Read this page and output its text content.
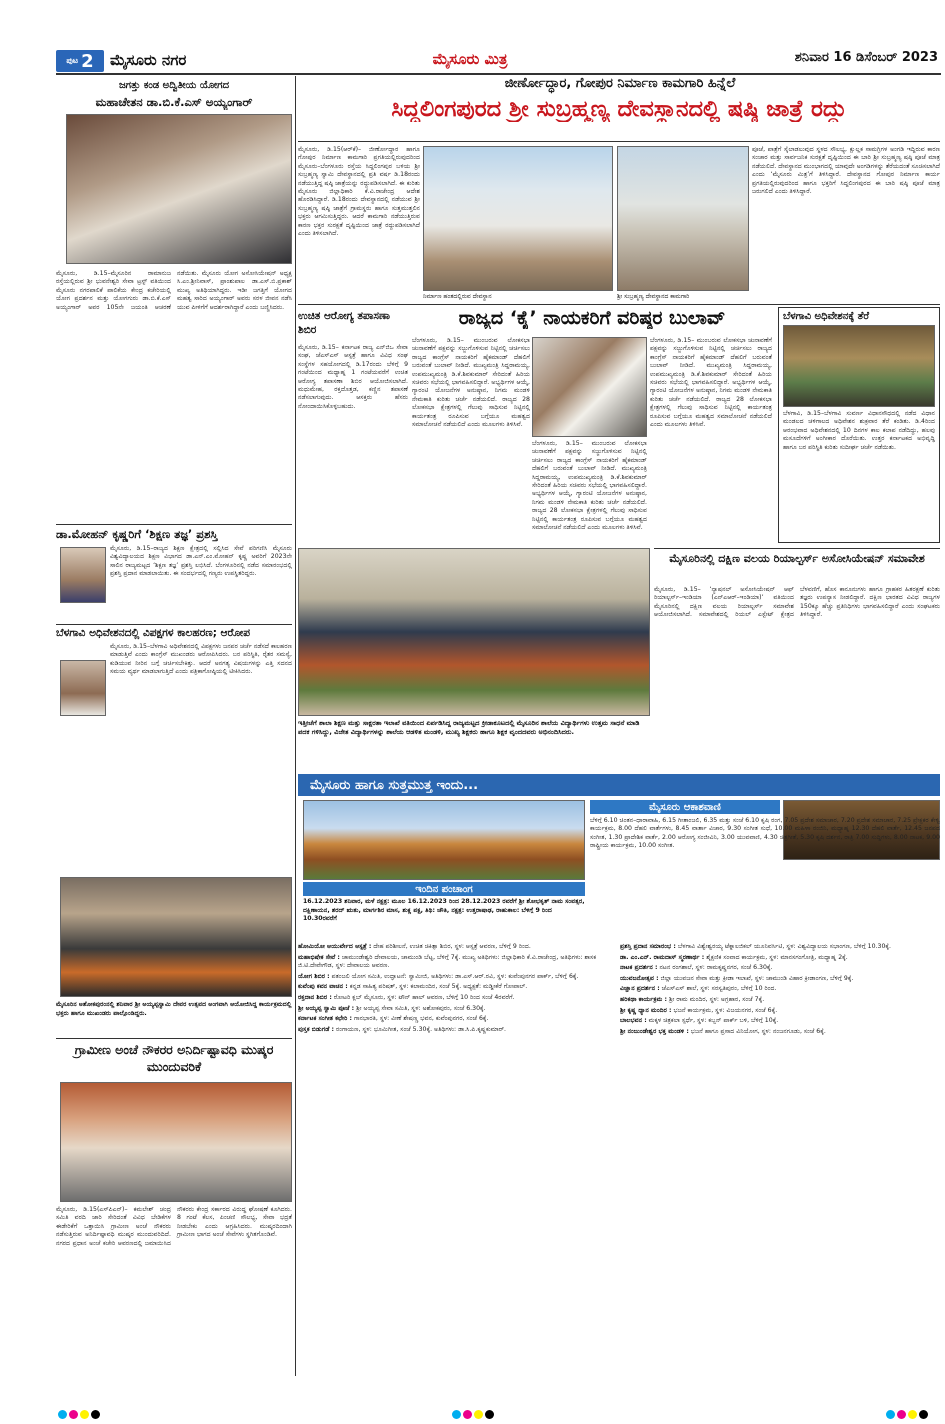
ಮೈಸೂರು ಮಿತ್ರ	ಶನಿವಾರ 16 ಡಿಸೆಂಬರ್ 2023
ಪುಟ 2 ಮೈಸೂರು ನಗರ
ಜೀರ್ಣೋದ್ಧಾರ, ಗೋಪುರ ನಿರ್ಮಾಣ ಕಾಮಗಾರಿ ಹಿನ್ನೆಲೆ
ಸಿದ್ದಲಿಂಗಪುರದ ಶ್ರೀ ಸುಬ್ರಹ್ಮಣ್ಯ ದೇವಸ್ಥಾನದಲ್ಲಿ ಷಷ್ಠಿ ಜಾತ್ರೆ ರದ್ದು
ಮೈಸೂರು, ಡಿ.15(ಆರ್‌ಕೆ)– ಜೀರ್ಣೋದ್ಧಾರ ಹಾಗೂ ಗೋಪುರ ನಿರ್ಮಾಣ ಕಾಮಗಾರಿ ಪ್ರಗತಿಯಲ್ಲಿರುವುದರಿಂದ ಮೈಸೂರು–ಬೆಂಗಳೂರು ರಸ್ತೆಯ ಸಿದ್ದಲಿಂಗಪುರ ಬಳಿಯ ಶ್ರೀ ಸುಬ್ರಹ್ಮಣ್ಯ ಸ್ವಾಮಿ ದೇವಸ್ಥಾನದಲ್ಲಿ ಪ್ರತಿ ವರ್ಷ ಡಿ.18ರಂದು ನಡೆಯುತ್ತಿದ್ದ ಷಷ್ಠಿ ಜಾತ್ರೆಯನ್ನು ರದ್ದುಪಡಿಸಲಾಗಿದೆ. ಈ ಕುರಿತು ಮೈಸೂರು ಜಿಲ್ಲಾಧಿಕಾರಿ ಕೆ.ವಿ.ರಾಜೇಂದ್ರ ಆದೇಶ ಹೊರಡಿಸಿದ್ದಾರೆ. ಡಿ.18ರಂದು ದೇವಸ್ಥಾನದಲ್ಲಿ ನಡೆಯುವ ಶ್ರೀ ಸುಬ್ರಹ್ಮಣ್ಯ ಷಷ್ಠಿ ಜಾತ್ರೆಗೆ ಗ್ರಾಮಸ್ಥರು ಹಾಗೂ ಸುತ್ತಮುತ್ತಲಿನ ಭಕ್ತರು ಆಗಮಿಸುತ್ತಿದ್ದರು. ಆದರೆ ಕಾಮಗಾರಿ ನಡೆಯುತ್ತಿರುವ ಕಾರಣ ಭಕ್ತರ ಸುರಕ್ಷತೆ ದೃಷ್ಟಿಯಿಂದ ಜಾತ್ರೆ ರದ್ದುಪಡಿಸಲಾಗಿದೆ ಎಂದು ತಿಳಿಸಲಾಗಿದೆ.
ನಿರ್ಮಾಣ ಹಂತದಲ್ಲಿರುವ ದೇವಸ್ಥಾನ	ಶ್ರೀ ಸುಬ್ರಹ್ಮಣ್ಯ ದೇವಸ್ಥಾನದ ಕಾಮಗಾರಿ
ಪೂಜೆ, ಪಾತ್ರೆಗೆ ಸೈಲಾಡಲುವುದ ಸ್ಥಳದ ಸೌಲಭ್ಯ, ಕ್ಷುಲ್ಲಕ ಸಾಮಗ್ರಿಗಳ ಅಂಗಡಿ ಇದ್ದಿರುವ ಕಾರಣ ಸಂಚಾರ ಮತ್ತು ಸಾರ್ವಜನಿಕ ಸುರಕ್ಷತೆ ದೃಷ್ಟಿಯಿಂದ ಈ ಬಾರಿ ಶ್ರೀ ಸುಬ್ರಹ್ಮಣ್ಯ ಷಷ್ಠಿ ಪೂಜೆ ಮಾತ್ರ ನಡೆಯಲಿದೆ. ದೇವಸ್ಥಾನದ ಮುಂಭಾಗದಲ್ಲಿ ಯಾವುದೇ ಅಂಗಡಿಗಳನ್ನು ತೆರೆಯದಂತೆ ಸೂಚಿಸಲಾಗಿದೆ ಎಂದು ‘ಮೈಸೂರು ಮಿತ್ರ’ಗೆ ತಿಳಿಸಿದ್ದಾರೆ. ದೇವಸ್ಥಾನದ ಗೋಪುರ ನಿರ್ಮಾಣ ಕಾರ್ಯ ಪ್ರಗತಿಯಲ್ಲಿರುವುದರಿಂದ ಹಾಗೂ ಭಕ್ತರಿಗೆ ಸಿದ್ದಲಿಂಗಪುರದ ಈ ಬಾರಿ ಷಷ್ಠಿ ಪೂಜೆ ಮಾತ್ರ ಜರುಗಲಿದೆ ಎಂದು ತಿಳಿಸಿದ್ದಾರೆ.
ಜಗತ್ತು ಕಂಡ ಅದ್ವಿತೀಯ ಯೋಗದ
ಮಹಾಚೇತನ ಡಾ.ಬಿ.ಕೆ.ಎಸ್ ಅಯ್ಯಂಗಾರ್
ಮೈಸೂರು, ಡಿ.15–ಮೈಸೂರಿನ ರಾಮಾನುಜ ರಸ್ತೆಯಲ್ಲಿರುವ ಶ್ರೀ ಭುವನೇಶ್ವರಿ ಸೇವಾ ಟ್ರಸ್ಟ್ ವತಿಯಿಂದ ಮೈಸೂರು ನಗರಪಾಲಿಕೆ ಪಾಲಿಕೆಯ ಕೇಂದ್ರ ಕಚೇರಿಯಲ್ಲಿ ಯೋಗ ಪ್ರದರ್ಶನ ಮತ್ತು ಯೋಗಗುರು ಡಾ.ಬಿ.ಕೆ.ಎಸ್ ಅಯ್ಯಂಗಾರ್ ಅವರ 105ನೇ ಜಯಂತಿ ಆಚರಣೆ ನಡೆಯಿತು. ಮೈಸೂರು ಯೋಗ ಅಸೋಸಿಯೇಷನ್ ಅಧ್ಯಕ್ಷ ಸಿ.ಎಂ.ಶ್ರೀನಿವಾಸ್, ಪ್ರಾಂಶುಪಾಲ ಡಾ.ಎಸ್.ಬಿ.ಪ್ರಕಾಶ್ ಮುಖ್ಯ ಅತಿಥಿಯಾಗಿದ್ದರು. ಇಡೀ ಜಗತ್ತಿಗೆ ಯೋಗದ ಮಹತ್ವ ಸಾರಿದ ಅಯ್ಯಂಗಾರ್ ಅವರು ಸರಳ ಜೀವನ ನಡೆಸಿ ಯುವ ಪೀಳಿಗೆಗೆ ಆದರ್ಶರಾಗಿದ್ದಾರೆ ಎಂದು ಬಣ್ಣಿಸಿದರು.
ಡಾ.ಮೋಹನ್ ಕೃಷ್ಣರಿಗೆ ‘ಶಿಕ್ಷಣ ತಜ್ಞ’ ಪ್ರಶಸ್ತಿ
ಮೈಸೂರು, ಡಿ.15–ರಾಜ್ಯದ ಶಿಕ್ಷಣ ಕ್ಷೇತ್ರದಲ್ಲಿ ಸಲ್ಲಿಸಿದ ಸೇವೆ ಪರಿಗಣಿಸಿ ಮೈಸೂರು ವಿಶ್ವವಿದ್ಯಾಲಯದ ಶಿಕ್ಷಣ ವಿಭಾಗದ ಡಾ.ಎನ್.ಎಂ.ಮೋಹನ್ ಕೃಷ್ಣ ಅವರಿಗೆ 2023ನೇ ಸಾಲಿನ ರಾಜ್ಯಮಟ್ಟದ ‘ಶಿಕ್ಷಣ ತಜ್ಞ’ ಪ್ರಶಸ್ತಿ ಲಭಿಸಿದೆ. ಬೆಂಗಳೂರಿನಲ್ಲಿ ನಡೆದ ಸಮಾರಂಭದಲ್ಲಿ ಪ್ರಶಸ್ತಿ ಪ್ರದಾನ ಮಾಡಲಾಯಿತು. ಈ ಸಂದರ್ಭದಲ್ಲಿ ಗಣ್ಯರು ಉಪಸ್ಥಿತರಿದ್ದರು.
ಬೆಳಗಾವಿ ಅಧಿವೇಶನದಲ್ಲಿ ವಿಪಕ್ಷಗಳ ಕಾಲಹರಣ; ಆರೋಪ
ಮೈಸೂರು, ಡಿ.15–ಬೆಳಗಾವಿ ಅಧಿವೇಶನದಲ್ಲಿ ವಿಪಕ್ಷಗಳು ಜನಪರ ಚರ್ಚೆ ನಡೆಸದೆ ಕಾಲಹರಣ ಮಾಡುತ್ತಿವೆ ಎಂದು ಕಾಂಗ್ರೆಸ್ ಮುಖಂಡರು ಆರೋಪಿಸಿದರು. ಬರ ಪರಿಸ್ಥಿತಿ, ರೈತರ ಸಮಸ್ಯೆ, ಕುಡಿಯುವ ನೀರಿನ ಬಗ್ಗೆ ಚರ್ಚಿಸಬೇಕಿತ್ತು. ಆದರೆ ಅನಗತ್ಯ ವಿಷಯಗಳನ್ನು ಎತ್ತಿ ಸದನದ ಸಮಯ ವ್ಯರ್ಥ ಮಾಡಲಾಗುತ್ತಿದೆ ಎಂದು ಪತ್ರಿಕಾಗೋಷ್ಠಿಯಲ್ಲಿ ಟೀಕಿಸಿದರು.
ಮೈಸೂರಿನ ಅಶೋಕಪುರಂನಲ್ಲಿ ಶನಿವಾರ ಶ್ರೀ ಅಯ್ಯಪ್ಪಸ್ವಾಮಿ ದೇವರ ಉತ್ಸವದ ಅಂಗವಾಗಿ ಆಯೋಜಿಸಿದ್ದ ಕಾರ್ಯಕ್ರಮದಲ್ಲಿ ಭಕ್ತರು ಹಾಗೂ ಮುಖಂಡರು ಪಾಲ್ಗೊಂಡಿದ್ದರು.
ಗ್ರಾಮೀಣ ಅಂಚೆ ನೌಕರರ ಅನಿರ್ದಿಷ್ಟಾವಧಿ ಮುಷ್ಕರ ಮುಂದುವರಿಕೆ
ಮೈಸೂರು, ಡಿ.15(ಎಸ್‌ಪಿಎನ್)– ಕಮಲೇಶ್ ಚಂದ್ರ ಸಮಿತಿ ವರದಿ ಜಾರಿ ಸೇರಿದಂತೆ ವಿವಿಧ ಬೇಡಿಕೆಗಳ ಈಡೇರಿಕೆಗೆ ಒತ್ತಾಯಿಸಿ ಗ್ರಾಮೀಣ ಅಂಚೆ ನೌಕರರು ನಡೆಸುತ್ತಿರುವ ಅನಿರ್ದಿಷ್ಟಾವಧಿ ಮುಷ್ಕರ ಮುಂದುವರಿದಿದೆ. ನಗರದ ಪ್ರಧಾನ ಅಂಚೆ ಕಚೇರಿ ಆವರಣದಲ್ಲಿ ಜಮಾಯಿಸಿದ ನೌಕರರು ಕೇಂದ್ರ ಸರ್ಕಾರದ ವಿರುದ್ಧ ಘೋಷಣೆ ಕೂಗಿದರು. 8 ಗಂಟೆ ಕೆಲಸ, ಪಿಂಚಣಿ ಸೌಲಭ್ಯ, ಸೇವಾ ಭದ್ರತೆ ನೀಡಬೇಕು ಎಂದು ಆಗ್ರಹಿಸಿದರು. ಮುಷ್ಕರದಿಂದಾಗಿ ಗ್ರಾಮೀಣ ಭಾಗದ ಅಂಚೆ ಸೇವೆಗಳು ಸ್ಥಗಿತಗೊಂಡಿವೆ.
ಉಚಿತ ಆರೋಗ್ಯ ತಪಾಸಣಾ ಶಿಬಿರ
ಮೈಸೂರು, ಡಿ.15– ಕರ್ನಾಟಕ ರಾಜ್ಯ ಎನ್‌ಜಿಒ ಸೇವಾ ಸಂಘ, ಜೆಎಸ್‌ಎಸ್ ಆಸ್ಪತ್ರೆ ಹಾಗೂ ವಿವಿಧ ಸಂಘ ಸಂಸ್ಥೆಗಳ ಸಹಯೋಗದಲ್ಲಿ ಡಿ.17ರಂದು ಬೆಳಿಗ್ಗೆ 9 ಗಂಟೆಯಿಂದ ಮಧ್ಯಾಹ್ನ 1 ಗಂಟೆಯವರೆಗೆ ಉಚಿತ ಆರೋಗ್ಯ ತಪಾಸಣಾ ಶಿಬಿರ ಆಯೋಜಿಸಲಾಗಿದೆ. ಮಧುಮೇಹ, ರಕ್ತದೊತ್ತಡ, ಕಣ್ಣಿನ ತಪಾಸಣೆ ನಡೆಸಲಾಗುವುದು. ಆಸಕ್ತರು ಹೆಸರು ನೋಂದಾಯಿಸಿಕೊಳ್ಳಬಹುದು.
ರಾಜ್ಯದ ‘ಕೈ’ ನಾಯಕರಿಗೆ ವರಿಷ್ಠರ ಬುಲಾವ್
ಬೆಂಗಳೂರು, ಡಿ.15– ಮುಂಬರುವ ಲೋಕಸಭಾ ಚುನಾವಣೆಗೆ ಪಕ್ಷವನ್ನು ಸಜ್ಜುಗೊಳಿಸುವ ನಿಟ್ಟಿನಲ್ಲಿ ಚರ್ಚಿಸಲು ರಾಜ್ಯದ ಕಾಂಗ್ರೆಸ್ ನಾಯಕರಿಗೆ ಹೈಕಮಾಂಡ್ ದೆಹಲಿಗೆ ಬರುವಂತೆ ಬುಲಾವ್ ನೀಡಿದೆ. ಮುಖ್ಯಮಂತ್ರಿ ಸಿದ್ದರಾಮಯ್ಯ, ಉಪಮುಖ್ಯಮಂತ್ರಿ ಡಿ.ಕೆ.ಶಿವಕುಮಾರ್ ಸೇರಿದಂತೆ ಹಿರಿಯ ಸಚಿವರು ಸಭೆಯಲ್ಲಿ ಭಾಗವಹಿಸಲಿದ್ದಾರೆ. ಅಭ್ಯರ್ಥಿಗಳ ಆಯ್ಕೆ, ಗ್ಯಾರಂಟಿ ಯೋಜನೆಗಳ ಅನುಷ್ಠಾನ, ನಿಗಮ ಮಂಡಳಿ ನೇಮಕಾತಿ ಕುರಿತು ಚರ್ಚೆ ನಡೆಯಲಿದೆ. ರಾಜ್ಯದ 28 ಲೋಕಸಭಾ ಕ್ಷೇತ್ರಗಳಲ್ಲಿ ಗೆಲುವು ಸಾಧಿಸುವ ನಿಟ್ಟಿನಲ್ಲಿ ಕಾರ್ಯತಂತ್ರ ರೂಪಿಸುವ ಬಗ್ಗೆಯೂ ಮಹತ್ವದ ಸಮಾಲೋಚನೆ ನಡೆಯಲಿದೆ ಎಂದು ಮೂಲಗಳು ತಿಳಿಸಿವೆ.
ಬೆಂಗಳೂರು, ಡಿ.15– ಮುಂಬರುವ ಲೋಕಸಭಾ ಚುನಾವಣೆಗೆ ಪಕ್ಷವನ್ನು ಸಜ್ಜುಗೊಳಿಸುವ ನಿಟ್ಟಿನಲ್ಲಿ ಚರ್ಚಿಸಲು ರಾಜ್ಯದ ಕಾಂಗ್ರೆಸ್ ನಾಯಕರಿಗೆ ಹೈಕಮಾಂಡ್ ದೆಹಲಿಗೆ ಬರುವಂತೆ ಬುಲಾವ್ ನೀಡಿದೆ. ಮುಖ್ಯಮಂತ್ರಿ ಸಿದ್ದರಾಮಯ್ಯ, ಉಪಮುಖ್ಯಮಂತ್ರಿ ಡಿ.ಕೆ.ಶಿವಕುಮಾರ್ ಸೇರಿದಂತೆ ಹಿರಿಯ ಸಚಿವರು ಸಭೆಯಲ್ಲಿ ಭಾಗವಹಿಸಲಿದ್ದಾರೆ. ಅಭ್ಯರ್ಥಿಗಳ ಆಯ್ಕೆ, ಗ್ಯಾರಂಟಿ ಯೋಜನೆಗಳ ಅನುಷ್ಠಾನ, ನಿಗಮ ಮಂಡಳಿ ನೇಮಕಾತಿ ಕುರಿತು ಚರ್ಚೆ ನಡೆಯಲಿದೆ. ರಾಜ್ಯದ 28 ಲೋಕಸಭಾ ಕ್ಷೇತ್ರಗಳಲ್ಲಿ ಗೆಲುವು ಸಾಧಿಸುವ ನಿಟ್ಟಿನಲ್ಲಿ ಕಾರ್ಯತಂತ್ರ ರೂಪಿಸುವ ಬಗ್ಗೆಯೂ ಮಹತ್ವದ ಸಮಾಲೋಚನೆ ನಡೆಯಲಿದೆ ಎಂದು ಮೂಲಗಳು ತಿಳಿಸಿವೆ.
ಬೆಂಗಳೂರು, ಡಿ.15– ಮುಂಬರುವ ಲೋಕಸಭಾ ಚುನಾವಣೆಗೆ ಪಕ್ಷವನ್ನು ಸಜ್ಜುಗೊಳಿಸುವ ನಿಟ್ಟಿನಲ್ಲಿ ಚರ್ಚಿಸಲು ರಾಜ್ಯದ ಕಾಂಗ್ರೆಸ್ ನಾಯಕರಿಗೆ ಹೈಕಮಾಂಡ್ ದೆಹಲಿಗೆ ಬರುವಂತೆ ಬುಲಾವ್ ನೀಡಿದೆ. ಮುಖ್ಯಮಂತ್ರಿ ಸಿದ್ದರಾಮಯ್ಯ, ಉಪಮುಖ್ಯಮಂತ್ರಿ ಡಿ.ಕೆ.ಶಿವಕುಮಾರ್ ಸೇರಿದಂತೆ ಹಿರಿಯ ಸಚಿವರು ಸಭೆಯಲ್ಲಿ ಭಾಗವಹಿಸಲಿದ್ದಾರೆ. ಅಭ್ಯರ್ಥಿಗಳ ಆಯ್ಕೆ, ಗ್ಯಾರಂಟಿ ಯೋಜನೆಗಳ ಅನುಷ್ಠಾನ, ನಿಗಮ ಮಂಡಳಿ ನೇಮಕಾತಿ ಕುರಿತು ಚರ್ಚೆ ನಡೆಯಲಿದೆ. ರಾಜ್ಯದ 28 ಲೋಕಸಭಾ ಕ್ಷೇತ್ರಗಳಲ್ಲಿ ಗೆಲುವು ಸಾಧಿಸುವ ನಿಟ್ಟಿನಲ್ಲಿ ಕಾರ್ಯತಂತ್ರ ರೂಪಿಸುವ ಬಗ್ಗೆಯೂ ಮಹತ್ವದ ಸಮಾಲೋಚನೆ ನಡೆಯಲಿದೆ ಎಂದು ಮೂಲಗಳು ತಿಳಿಸಿವೆ.
ಬೆಳಗಾವಿ ಅಧಿವೇಶನಕ್ಕೆ ತೆರೆ
ಬೆಳಗಾವಿ, ಡಿ.15–ಬೆಳಗಾವಿ ಸುವರ್ಣ ವಿಧಾನಸೌಧದಲ್ಲಿ ನಡೆದ ವಿಧಾನ ಮಂಡಲದ ಚಳಿಗಾಲದ ಅಧಿವೇಶನ ಶುಕ್ರವಾರ ತೆರೆ ಕಂಡಿತು. ಡಿ.4ರಿಂದ ಆರಂಭವಾದ ಅಧಿವೇಶನದಲ್ಲಿ 10 ದಿನಗಳ ಕಾಲ ಕಲಾಪ ನಡೆದಿದ್ದು, ಹಲವು ಮಸೂದೆಗಳಿಗೆ ಅಂಗೀಕಾರ ದೊರೆಯಿತು. ಉತ್ತರ ಕರ್ನಾಟಕದ ಅಭಿವೃದ್ಧಿ ಹಾಗೂ ಬರ ಪರಿಸ್ಥಿತಿ ಕುರಿತು ಸುದೀರ್ಘ ಚರ್ಚೆ ನಡೆಯಿತು.
ಇತ್ತೀಚೆಗೆ ಶಾಲಾ ಶಿಕ್ಷಣ ಮತ್ತು ಸಾಕ್ಷರತಾ ಇಲಾಖೆ ವತಿಯಿಂದ ಏರ್ಪಡಿಸಿದ್ದ ರಾಜ್ಯಮಟ್ಟದ ಕ್ರೀಡಾಕೂಟದಲ್ಲಿ ಮೈಸೂರಿನ ಶಾಲೆಯ ವಿದ್ಯಾರ್ಥಿಗಳು ಉತ್ತಮ ಸಾಧನೆ ಮಾಡಿ ಪದಕ ಗಳಿಸಿದ್ದು, ವಿಜೇತ ವಿದ್ಯಾರ್ಥಿಗಳನ್ನು ಶಾಲೆಯ ಆಡಳಿತ ಮಂಡಳಿ, ಮುಖ್ಯ ಶಿಕ್ಷಕರು ಹಾಗೂ ಶಿಕ್ಷಕ ವೃಂದದವರು ಅಭಿನಂದಿಸಿದರು.
ಮೈಸೂರಿನಲ್ಲಿ ದಕ್ಷಿಣ ವಲಯ ರಿಯಾಲ್ಟರ್ಸ್ ಅಸೋಸಿಯೇಷನ್ ಸಮಾವೇಶ
ಮೈಸೂರು, ಡಿ.15– ‘ನ್ಯಾಷನಲ್ ಅಸೋಸಿಯೇಷನ್ ಆಫ್ ರಿಯಾಲ್ಟರ್ಸ್–ಇಂಡಿಯಾ (ಎನ್‌ಎಆರ್–ಇಂಡಿಯಾ)’ ವತಿಯಿಂದ ಮೈಸೂರಿನಲ್ಲಿ ದಕ್ಷಿಣ ವಲಯ ರಿಯಾಲ್ಟರ್ಸ್ ಸಮಾವೇಶ ಆಯೋಜಿಸಲಾಗಿದೆ. ಸಮಾವೇಶದಲ್ಲಿ ರಿಯಲ್ ಎಸ್ಟೇಟ್ ಕ್ಷೇತ್ರದ ಬೆಳವಣಿಗೆ, ಹೊಸ ಕಾನೂನುಗಳು ಹಾಗೂ ಗ್ರಾಹಕರ ಹಿತರಕ್ಷಣೆ ಕುರಿತು ತಜ್ಞರು ಉಪನ್ಯಾಸ ನೀಡಲಿದ್ದಾರೆ. ದಕ್ಷಿಣ ಭಾರತದ ವಿವಿಧ ರಾಜ್ಯಗಳ 150ಕ್ಕೂ ಹೆಚ್ಚು ಪ್ರತಿನಿಧಿಗಳು ಭಾಗವಹಿಸಲಿದ್ದಾರೆ ಎಂದು ಸಂಘಟಕರು ತಿಳಿಸಿದ್ದಾರೆ.
ಮೈಸೂರು ಹಾಗೂ ಸುತ್ತಮುತ್ತ ಇಂದು...
ಇಂದಿನ ಪಂಚಾಂಗ
16.12.2023 ಶನಿವಾರ, ಮಳೆ ನಕ್ಷತ್ರ: ಮೂಲ 16.12.2023 ರಿಂದ 28.12.2023 ರವರೆಗೆ ಶ್ರೀ ಶೋಭಕೃತ್ ನಾಮ ಸಂವತ್ಸರ, ದಕ್ಷಿಣಾಯನ, ಶರದ್ ಋತು, ಮಾರ್ಗಶಿರ ಮಾಸ, ಶುಕ್ಲ ಪಕ್ಷ, ತಿಥಿ: ಚೌತಿ, ನಕ್ಷತ್ರ: ಉತ್ತರಾಷಾಢ, ರಾಹುಕಾಲ: ಬೆಳಿಗ್ಗೆ 9 ರಿಂದ 10.30ರವರೆಗೆ
ಮೈಸೂರು ಆಕಾಶವಾಣಿ
ಬೆಳಿಗ್ಗೆ 6.10 ಚಿಂತನ–ಧಾರಾವಾಹಿ, 6.15 ಗೀತಾಂಜಲಿ, 6.35 ಮತ್ತು ಸಂಜೆ 6.10 ಕೃಷಿ ರಂಗ, 7.05 ಪ್ರದೇಶ ಸಮಾಚಾರ, 7.20 ಪ್ರದೇಶ ಸಮಾಚಾರ, 7.25 ಪ್ರೇಕ್ಷಕರ ಕೇಳ್ವಿ ಕಾರ್ಯಕ್ರಮ, 8.00 ದೆಹಲಿ ವಾರ್ತೆಗಳು, 8.45 ವಾರ್ತಾ ವಿಚಾರ, 9.30 ಸಂಗೀತ ಸುಧೆ, 10.00 ಮಹಿಳಾ ರಂಜಿನಿ, ಮಧ್ಯಾಹ್ನ 12.30 ದೆಹಲಿ ವಾರ್ತೆ, 12.45 ಜನಪದ ಸಂಗೀತ, 1.30 ಪ್ರಾದೇಶಿಕ ವಾರ್ತೆ, 2.00 ಆರೋಗ್ಯ ಸಂಜೀವಿನಿ, 3.00 ಯುವವಾಣಿ, 4.30 ಚಿತ್ರಗೀತೆ, 5.30 ಕೃಷಿ ದರ್ಶನ, ರಾತ್ರಿ 7.00 ಸುದ್ದಿಗಳು, 8.00 ನಾಟಕ, 9.00 ರಾಷ್ಟ್ರೀಯ ಕಾರ್ಯಕ್ರಮ, 10.00 ಸಂಗೀತ.

ಹೋಮಿಯೋ ಆಯುರ್ವೇದ ಆಸ್ಪತ್ರೆ : ದೇಹ ಪರಿಶೀಲನೆ, ಉಚಿತ ಚಿಕಿತ್ಸಾ ಶಿಬಿರ, ಸ್ಥಳ: ಆಸ್ಪತ್ರೆ ಆವರಣ, ಬೆಳಿಗ್ಗೆ 9 ರಿಂದ.

ಮಹಾಭಿಷೇಕ ಸೇವೆ : ಚಾಮುಂಡೇಶ್ವರಿ ದೇವಾಲಯ, ಚಾಮುಂಡಿ ಬೆಟ್ಟ, ಬೆಳಿಗ್ಗೆ 7ಕ್ಕೆ. ಮುಖ್ಯ ಅತಿಥಿಗಳು: ಜಿಲ್ಲಾಧಿಕಾರಿ ಕೆ.ವಿ.ರಾಜೇಂದ್ರ, ಅತಿಥಿಗಳು: ಶಾಸಕ ಜಿ.ಟಿ.ದೇವೇಗೌಡ, ಸ್ಥಳ: ದೇವಾಲಯ ಆವರಣ.

ಯೋಗ ಶಿಬಿರ : ಪತಂಜಲಿ ಯೋಗ ಸಮಿತಿ, ಉದ್ಘಾಟನೆ: ಸ್ವಾಮೀಜಿ, ಅತಿಥಿಗಳು: ಡಾ.ಎಸ್.ಆರ್.ರವಿ, ಸ್ಥಳ: ಕುವೆಂಪುನಗರ ಪಾರ್ಕ್, ಬೆಳಿಗ್ಗೆ 6ಕ್ಕೆ.

ಕುವೆಂಪು ಕವನ ವಾಚನ : ಕನ್ನಡ ಸಾಹಿತ್ಯ ಪರಿಷತ್, ಸ್ಥಳ: ಕಲಾಮಂದಿರ, ಸಂಜೆ 5ಕ್ಕೆ. ಅಧ್ಯಕ್ಷತೆ: ಮಡ್ಡೀಕೆರೆ ಗೋಪಾಲ್.

ರಕ್ತದಾನ ಶಿಬಿರ : ರೋಟರಿ ಕ್ಲಬ್ ಮೈಸೂರು, ಸ್ಥಳ: ಟೌನ್ ಹಾಲ್ ಆವರಣ, ಬೆಳಿಗ್ಗೆ 10 ರಿಂದ ಸಂಜೆ 4ರವರೆಗೆ.

ಶ್ರೀ ಅಯ್ಯಪ್ಪ ಸ್ವಾಮಿ ಪೂಜೆ : ಶ್ರೀ ಅಯ್ಯಪ್ಪ ಸೇವಾ ಸಮಿತಿ, ಸ್ಥಳ: ಅಶೋಕಪುರಂ, ಸಂಜೆ 6.30ಕ್ಕೆ.

ಕರ್ನಾಟಕ ಸಂಗೀತ ಕಛೇರಿ : ಗಾನಭಾರತಿ, ಸ್ಥಳ: ವೀಣೆ ಶೇಷಣ್ಣ ಭವನ, ಕುವೆಂಪುನಗರ, ಸಂಜೆ 6ಕ್ಕೆ.

ಪುಸ್ತಕ ಬಿಡುಗಡೆ : ರಂಗಾಯಣ, ಸ್ಥಳ: ಭೂಮಿಗೀತ, ಸಂಜೆ 5.30ಕ್ಕೆ. ಅತಿಥಿಗಳು: ಡಾ.ಸಿ.ಪಿ.ಕೃಷ್ಣಕುಮಾರ್.

ಪ್ರಶಸ್ತಿ ಪ್ರದಾನ ಸಮಾರಂಭ : ಬೆಳಗಾವಿ ವಿಶ್ವೇಶ್ವರಯ್ಯ ಟೆಕ್ನಾಲಜಿಕಲ್ ಯೂನಿವರ್ಸಿಟಿ, ಸ್ಥಳ: ವಿಶ್ವವಿದ್ಯಾಲಯ ಸಭಾಂಗಣ, ಬೆಳಿಗ್ಗೆ 10.30ಕ್ಕೆ.

ಡಾ. ಎಂ.ಎನ್. ರಾಮದಾಸ್ ಸ್ಮರಣಾರ್ಥ : ಶೈಕ್ಷಣಿಕ ಸಂವಾದ ಕಾರ್ಯಕ್ರಮ, ಸ್ಥಳ: ಮಾನಸಗಂಗೋತ್ರಿ, ಮಧ್ಯಾಹ್ನ 2ಕ್ಕೆ.

ನಾಟಕ ಪ್ರದರ್ಶನ : ನಟನ ರಂಗಶಾಲೆ, ಸ್ಥಳ: ರಾಮಕೃಷ್ಣನಗರ, ಸಂಜೆ 6.30ಕ್ಕೆ.

ಯುವಜನೋತ್ಸವ : ಜಿಲ್ಲಾ ಯುವಜನ ಸೇವಾ ಮತ್ತು ಕ್ರೀಡಾ ಇಲಾಖೆ, ಸ್ಥಳ: ಚಾಮುಂಡಿ ವಿಹಾರ ಕ್ರೀಡಾಂಗಣ, ಬೆಳಿಗ್ಗೆ 9ಕ್ಕೆ.

ವಿಜ್ಞಾನ ಪ್ರದರ್ಶನ : ಜೆಎಸ್‌ಎಸ್ ಶಾಲೆ, ಸ್ಥಳ: ಸರಸ್ವತಿಪುರಂ, ಬೆಳಿಗ್ಗೆ 10 ರಿಂದ.

ಹರಿಕಥಾ ಕಾರ್ಯಕ್ರಮ : ಶ್ರೀ ರಾಮ ಮಂದಿರ, ಸ್ಥಳ: ಅಗ್ರಹಾರ, ಸಂಜೆ 7ಕ್ಕೆ.

ಶ್ರೀ ಕೃಷ್ಣ ಧ್ಯಾನ ಮಂದಿರ : ಭಜನೆ ಕಾರ್ಯಕ್ರಮ, ಸ್ಥಳ: ವಿಜಯನಗರ, ಸಂಜೆ 6ಕ್ಕೆ.

ಬಾಲಭವನ : ಮಕ್ಕಳ ಚಿತ್ರಕಲಾ ಸ್ಪರ್ಧೆ, ಸ್ಥಳ: ಕಬ್ಬನ್ ಪಾರ್ಕ್ ಬಳಿ, ಬೆಳಿಗ್ಗೆ 10ಕ್ಕೆ.

ಶ್ರೀ ನಂಜುಂಡೇಶ್ವರ ಭಕ್ತ ಮಂಡಳಿ : ಭಜನೆ ಹಾಗೂ ಪ್ರಸಾದ ವಿನಿಯೋಗ, ಸ್ಥಳ: ನಂಜನಗೂಡು, ಸಂಜೆ 6ಕ್ಕೆ.
